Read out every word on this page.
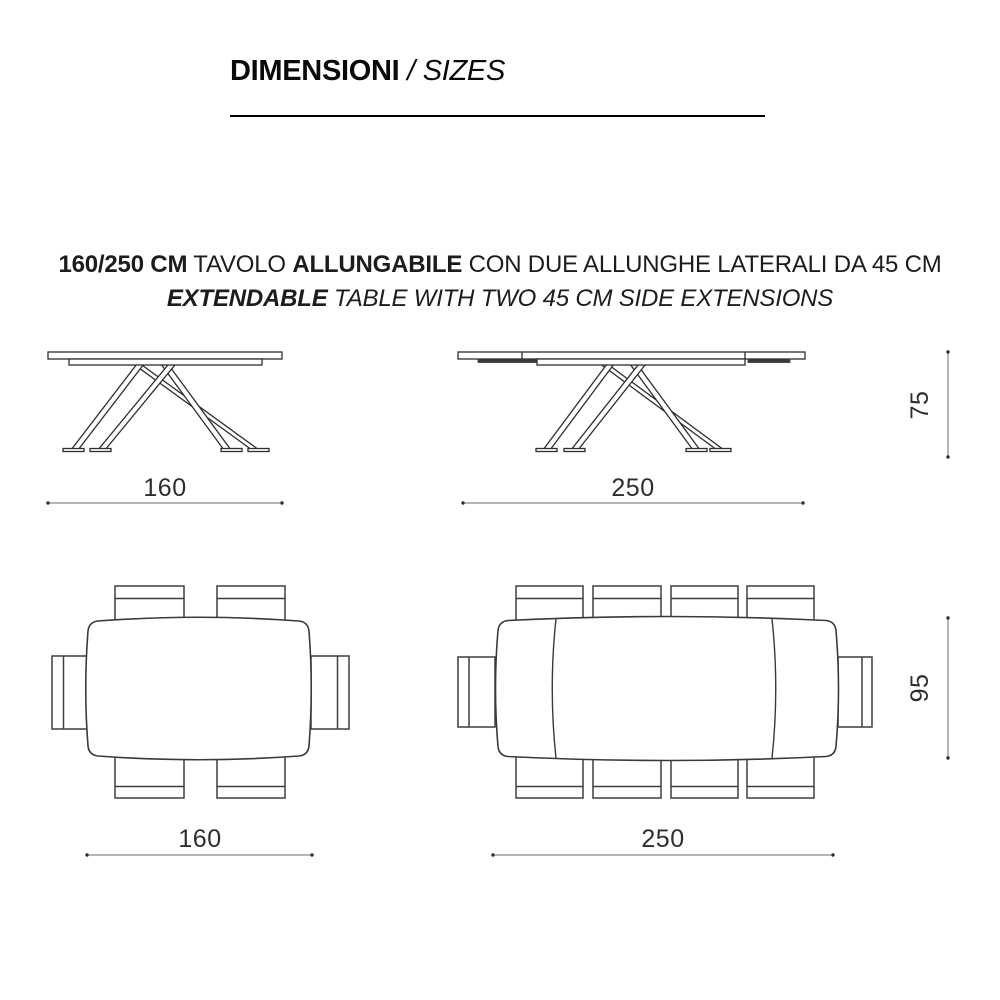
DIMENSIONI / SIZES

160/250 CM TAVOLO ALLUNGABILE CON DUE ALLUNGHE LATERALI DA 45 CM

EXTENDABLE TABLE WITH TWO 45 CM SIDE EXTENSIONS

160	250
75
160	250
95
